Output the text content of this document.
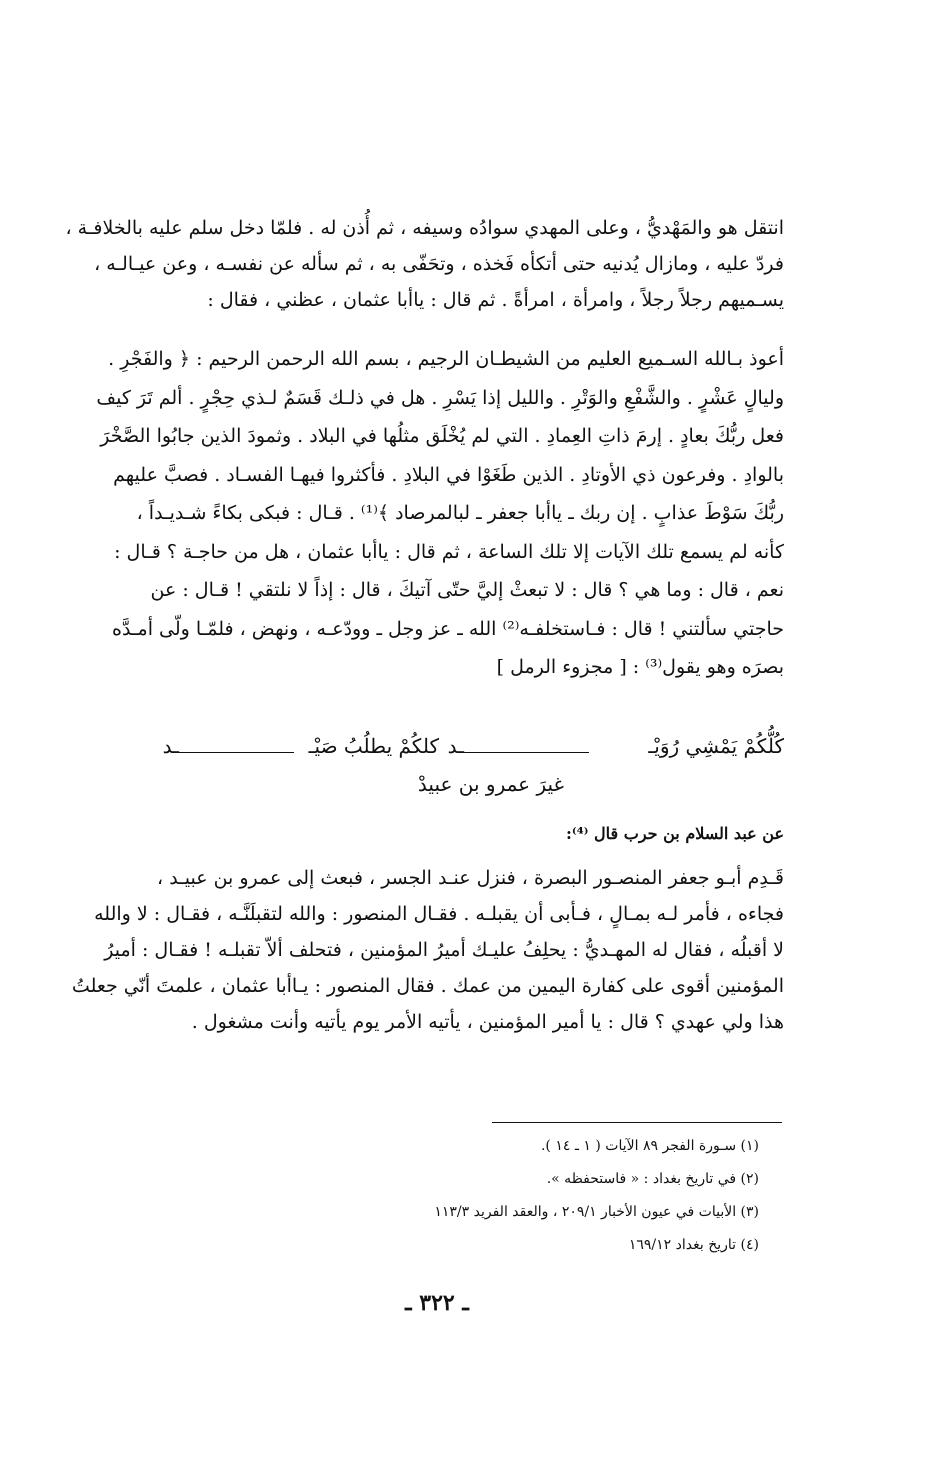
انتقل هو والمَهْديُّ ، وعلى المهدي سوادُه وسيفه ، ثم أُذن له . فلمّا دخل سلم عليه بالخلافـة ،
فردّ عليه ، ومازال يُدنيه حتى أتكأه فَخذه ، وتحَفّى به ، ثم سأله عن نفسـه ، وعن عيـالـه ،
يسـميهم رجلاً رجلاً ، وامرأة ، امرأةً . ثم قال : ياأبا عثمان ، عظني ، فقال :

أعوذ بـالله السـميع العليم من الشيطـان الرجيم ، بسم الله الرحمن الرحيم : ﴿ والفَجْرِ .
وليالٍ عَشْرٍ . والشَّفْعِ والوَتْرِ . والليل إذا يَسْرِ . هل في ذلـك قَسَمٌ لـذي حِجْرٍ . ألم تَرَ كيف
فعل ربُّكَ بعادٍ . إرمَ ذاتِ العِمادِ . التي لم يُخْلَق مثلُها في البلاد . وثمودَ الذين جابُوا الصَّخْرَ
بالوادِ . وفرعون ذي الأوتادِ . الذين طَغَوْا في البلادِ . فأكثروا فيهـا الفسـاد . فصبَّ عليهم
ربُّكَ سَوْطَ عذابٍ . إن ربك ـ ياأبا جعفر ـ لبالمرصاد ﴾⁽¹⁾ . قـال : فبكى بكاءً شـديـداً ،
كأنه لم يسمع تلك الآيات إلا تلك الساعة ، ثم قال : ياأبا عثمان ، هل من حاجـة ؟ قـال :
نعم ، قال : وما هي ؟ قال : لا تبعثْ إليَّ حتّى آتيكَ ، قال : إذاً لا نلتقي ! قـال : عن
حاجتي سألتني ! قال : فـاستخلفـه⁽²⁾ الله ـ عز وجل ـ وودّعـه ، ونهض ، فلمّـا ولّى أمـدَّه
بصرَه وهو يقول⁽³⁾ : [ مجزوء الرمل ]

كُلُّكُمْ يَمْشِي رُوَيْـ
ـد
كلكُمْ يطلُبُ صَيْـ
ـد
غيرَ عمرو بن عبيدْ
عن عبد السلام بن حرب قال ⁽⁴⁾:

قَـدِم أبـو جعفر المنصـور البصرة ، فنزل عنـد الجسر ، فبعث إلى عمرو بن عبيـد ،
فجاءه ، فأمر لـه بمـالٍ ، فـأبى أن يقبلـه . فقـال المنصور : والله لتقبلَنَّـه ، فقـال : لا والله
لا أقبلُه ، فقال له المهـديُّ : يحلِفُ عليـك أميرُ المؤمنين ، فتحلف ألاّ تقبلـه ! فقـال : أميرُ
المؤمنين أقوى على كفارة اليمين من عمك . فقال المنصور : يـاأبا عثمان ، علمتَ أنّي جعلتُ
هذا ولي عهدي ؟ قال : يا أمير المؤمنين ، يأتيه الأمر يوم يأتيه وأنت مشغول .

(١) سـورة الفجر ٨٩ الآيات ( ١ ـ ١٤ ).
(٢) في تاريخ بغداد : « فاستحفظه ».
(٣) الأبيات في عيون الأخبار ٢٠٩/١ ، والعقد الفريد ١١٣/٣
(٤) تاريخ بغداد ١٦٩/١٢
ـ ٣٢٢ ـ
